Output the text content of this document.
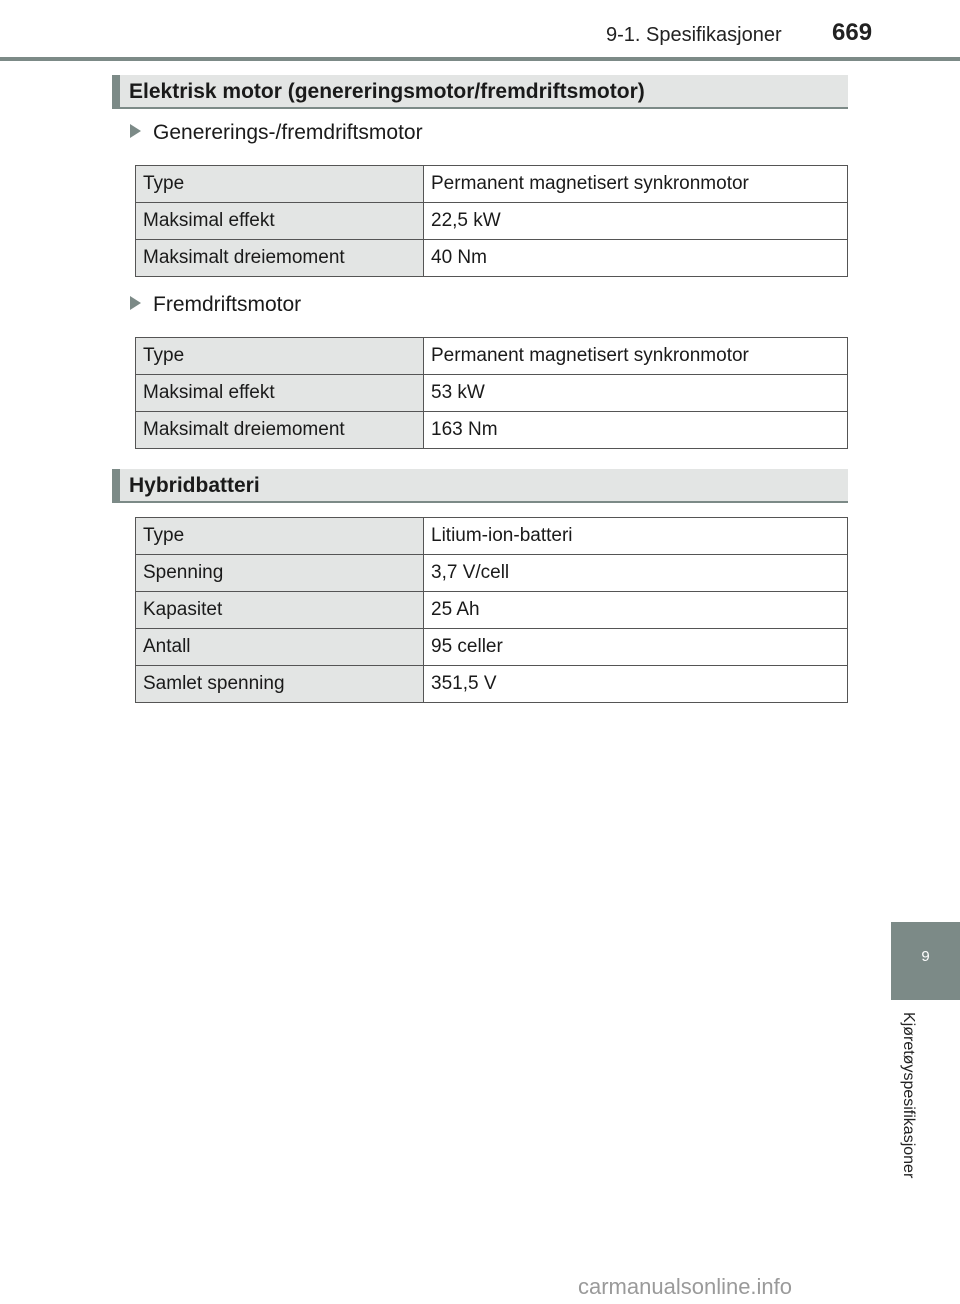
9-1. Spesifikasjoner 669
Elektrisk motor (genereringsmotor/fremdriftsmotor)
Genererings-/fremdriftsmotor
Type	Permanent magnetisert synkronmotor
Maksimal effekt	22,5 kW
Maksimalt dreiemoment	40 Nm
Fremdriftsmotor
Type	Permanent magnetisert synkronmotor
Maksimal effekt	53 kW
Maksimalt dreiemoment	163 Nm
Hybridbatteri
Type	Litium-ion-batteri
Spenning	3,7 V/cell
Kapasitet	25 Ah
Antall	95 celler
Samlet spenning	351,5 V
9
Kjøretøyspesifikasjoner
carmanualsonline.info
